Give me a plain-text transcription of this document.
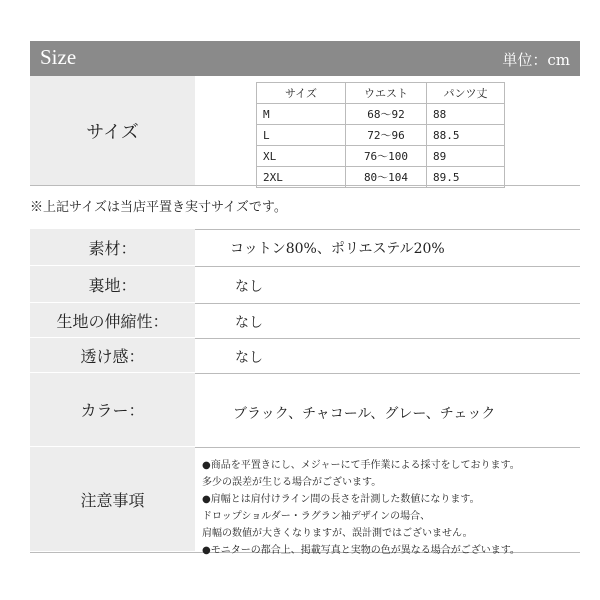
Size	単位：cm
サイズ
サイズ	ウエスト	パンツ丈
M	68〜92	88
L	72〜96	88.5
XL	76〜100	89
2XL	80〜104	89.5
※上記サイズは当店平置き実寸サイズです。
素材：	コットン80%、ポリエステル20%
裏地：	なし
生地の伸縮性：	なし
透け感：	なし
カラー：	ブラック、チャコール、グレー、チェック
注意事項
●商品を平置きにし、メジャーにて手作業による採寸をしております。
多少の誤差が生じる場合がございます。
●肩幅とは肩付けライン間の長さを計測した数値になります。
ドロップショルダー・ラグラン袖デザインの場合、
肩幅の数値が大きくなりますが、誤計測ではございません。
●モニターの都合上、掲載写真と実物の色が異なる場合がございます。
